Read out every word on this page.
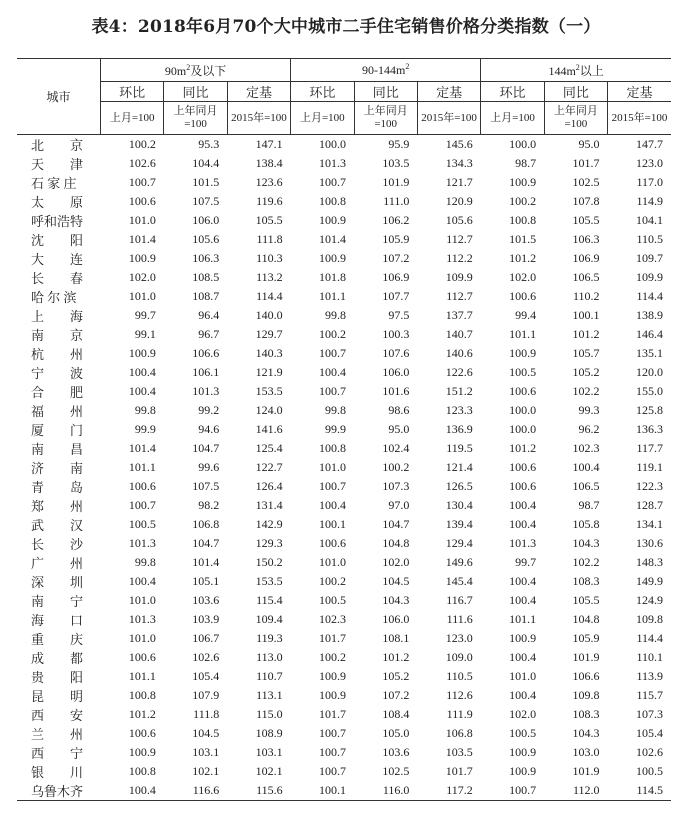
表4：2018年6月70个大中城市二手住宅销售价格分类指数（一）
城市	$90m^2$及以下			$90-144m^2$			$144m^2$以上		
	环比	同比	定基	环比	同比	定基	环比	同比	定基
	上月=100	上年同月=100	2015年=100	上月=100	上年同月=100	2015年=100	上月=100	上年同月=100	2015年=100
北　　京	100.2	95.3	147.1	100.0	95.9	145.6	100.0	95.0	147.7
天　　津	102.6	104.4	138.4	101.3	103.5	134.3	98.7	101.7	123.0
石 家 庄	100.7	101.5	123.6	100.7	101.9	121.7	100.9	102.5	117.0
太　　原	100.6	107.5	119.6	100.8	111.0	120.9	100.2	107.8	114.9
呼和浩特	101.0	106.0	105.5	100.9	106.2	105.6	100.8	105.5	104.1
沈　　阳	101.4	105.6	111.8	101.4	105.9	112.7	101.5	106.3	110.5
大　　连	100.9	106.3	110.3	100.9	107.2	112.2	101.2	106.9	109.7
长　　春	102.0	108.5	113.2	101.8	106.9	109.9	102.0	106.5	109.9
哈 尔 滨	101.0	108.7	114.4	101.1	107.7	112.7	100.6	110.2	114.4
上　　海	99.7	96.4	140.0	99.8	97.5	137.7	99.4	100.1	138.9
南　　京	99.1	96.7	129.7	100.2	100.3	140.7	101.1	101.2	146.4
杭　　州	100.9	106.6	140.3	100.7	107.6	140.6	100.9	105.7	135.1
宁　　波	100.4	106.1	121.9	100.4	106.0	122.6	100.5	105.2	120.0
合　　肥	100.4	101.3	153.5	100.7	101.6	151.2	100.6	102.2	155.0
福　　州	99.8	99.2	124.0	99.8	98.6	123.3	100.0	99.3	125.8
厦　　门	99.9	94.6	141.6	99.9	95.0	136.9	100.0	96.2	136.3
南　　昌	101.4	104.7	125.4	100.8	102.4	119.5	101.2	102.3	117.7
济　　南	101.1	99.6	122.7	101.0	100.2	121.4	100.6	100.4	119.1
青　　岛	100.6	107.5	126.4	100.7	107.3	126.5	100.6	106.5	122.3
郑　　州	100.7	98.2	131.4	100.4	97.0	130.4	100.4	98.7	128.7
武　　汉	100.5	106.8	142.9	100.1	104.7	139.4	100.4	105.8	134.1
长　　沙	101.3	104.7	129.3	100.6	104.8	129.4	101.3	104.3	130.6
广　　州	99.8	101.4	150.2	101.0	102.0	149.6	99.7	102.2	148.3
深　　圳	100.4	105.1	153.5	100.2	104.5	145.4	100.4	108.3	149.9
南　　宁	101.0	103.6	115.4	100.5	104.3	116.7	100.4	105.5	124.9
海　　口	101.3	103.9	109.4	102.3	106.0	111.6	101.1	104.8	109.8
重　　庆	101.0	106.7	119.3	101.7	108.1	123.0	100.9	105.9	114.4
成　　都	100.6	102.6	113.0	100.2	101.2	109.0	100.4	101.9	110.1
贵　　阳	101.1	105.4	110.7	100.9	105.2	110.5	101.0	106.6	113.9
昆　　明	100.8	107.9	113.1	100.9	107.2	112.6	100.4	109.8	115.7
西　　安	101.2	111.8	115.0	101.7	108.4	111.9	102.0	108.3	107.3
兰　　州	100.6	104.5	108.9	100.7	105.0	106.8	100.5	104.3	105.4
西　　宁	100.9	103.1	103.1	100.7	103.6	103.5	100.9	103.0	102.6
银　　川	100.8	102.1	102.1	100.7	102.5	101.7	100.9	101.9	100.5
乌鲁木齐	100.4	116.6	115.6	100.1	116.0	117.2	100.7	112.0	114.5
